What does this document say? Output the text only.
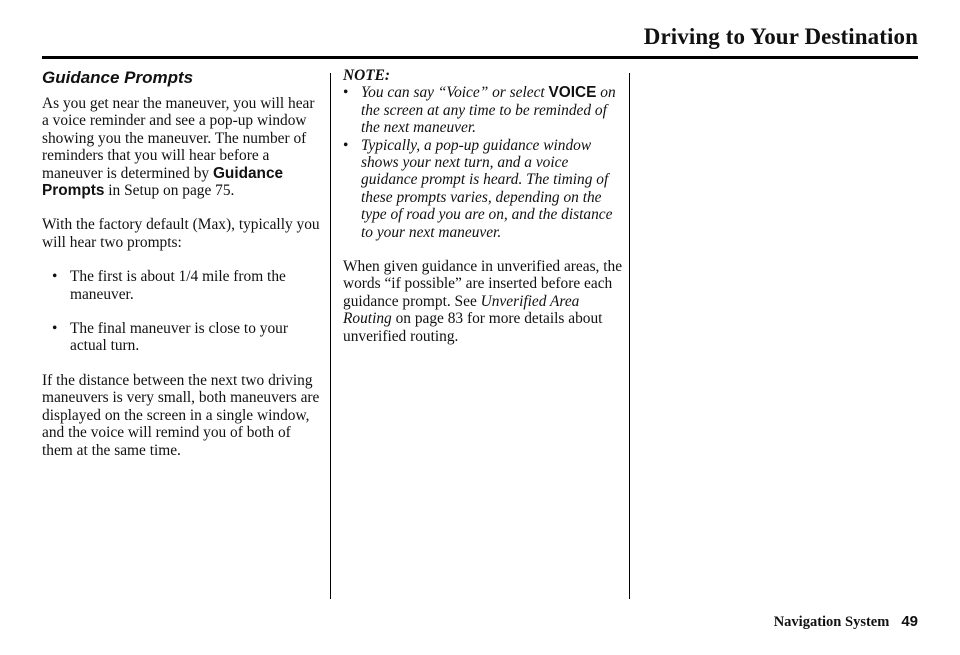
Driving to Your Destination
Guidance Prompts

As you get near the maneuver, you will hear a voice reminder and see a pop-up window showing you the maneuver. The number of reminders that you will hear before a maneuver is determined by Guidance Prompts in Setup on page 75.

With the factory default (Max), typically you will hear two prompts:

• The first is about 1/4 mile from the maneuver.
• The final maneuver is close to your actual turn.

If the distance between the next two driving maneuvers is very small, both maneuvers are displayed on the screen in a single window, and the voice will remind you of both of them at the same time.

NOTE:
• You can say “Voice” or select VOICE on the screen at any time to be reminded of the next maneuver.
• Typically, a pop-up guidance window shows your next turn, and a voice guidance prompt is heard. The timing of these prompts varies, depending on the type of road you are on, and the distance to your next maneuver.

When given guidance in unverified areas, the words “if possible” are inserted before each guidance prompt. See Unverified Area Routing on page 83 for more details about unverified routing.

Navigation System 49
